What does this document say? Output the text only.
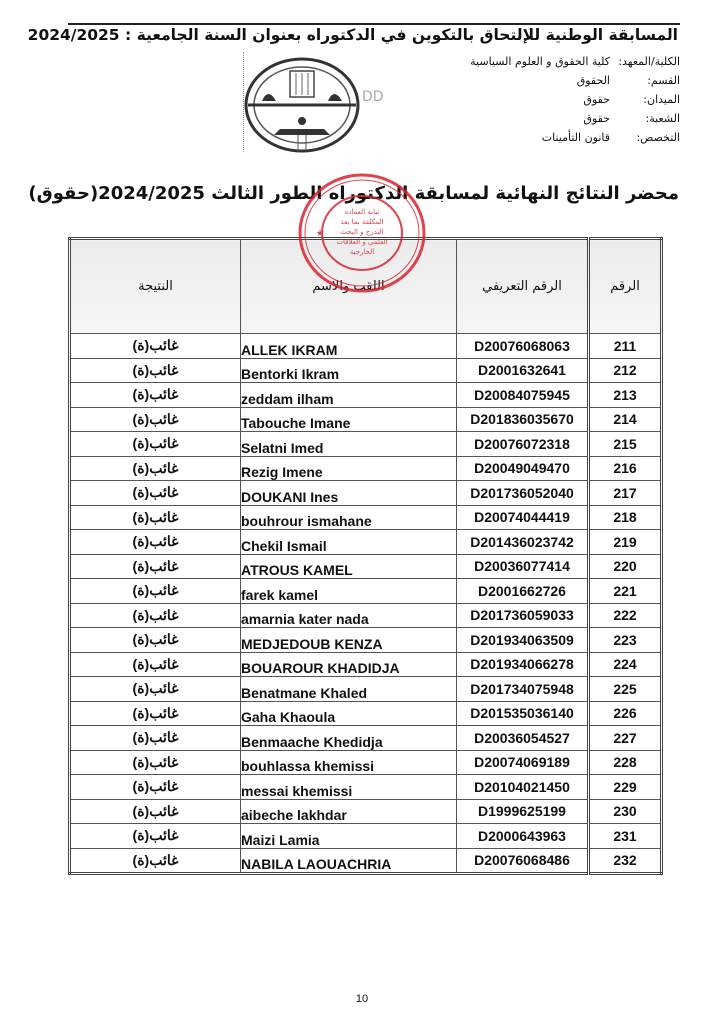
المسابقة الوطنية للإلتحاق بالتكوين في الدكتوراه بعنوان السنة الجامعية : 2024/2025
DD
الكلية/المعهد:
كلية الحقوق و العلوم السياسية
القسم:
الحقوق
الميدان:
حقوق
الشعبة:
حقوق
التخصص:
قانون التأمينات
محضر النتائج النهائية لمسابقة الدكتوراه الطور الثالث 2024/2025(حقوق)
النتيجة	اللقب والاسم	الرقم التعريفي	الرقم
غائب(ة)	ALLEK IKRAM	D20076068063	211
غائب(ة)	Bentorki Ikram	D2001632641	212
غائب(ة)	zeddam ilham	D20084075945	213
غائب(ة)	Tabouche Imane	D201836035670	214
غائب(ة)	Selatni Imed	D20076072318	215
غائب(ة)	Rezig Imene	D20049049470	216
غائب(ة)	DOUKANI Ines	D201736052040	217
غائب(ة)	bouhrour ismahane	D20074044419	218
غائب(ة)	Chekil Ismail	D201436023742	219
غائب(ة)	ATROUS KAMEL	D20036077414	220
غائب(ة)	farek kamel	D2001662726	221
غائب(ة)	amarnia kater nada	D201736059033	222
غائب(ة)	MEDJEDOUB KENZA	D201934063509	223
غائب(ة)	BOUAROUR KHADIDJA	D201934066278	224
غائب(ة)	Benatmane Khaled	D201734075948	225
غائب(ة)	Gaha Khaoula	D201535036140	226
غائب(ة)	Benmaache Khedidja	D20036054527	227
غائب(ة)	bouhlassa khemissi	D20074069189	228
غائب(ة)	messai khemissi	D20104021450	229
غائب(ة)	aibeche lakhdar	D1999625199	230
غائب(ة)	Maizi Lamia	D2000643963	231
غائب(ة)	NABILA LAOUACHRIA	D20076068486	232
نيابة العمادة
المكلفة بما بعد
التدرج و البحث
العلمي و العلاقات
الخارجية
★
10
